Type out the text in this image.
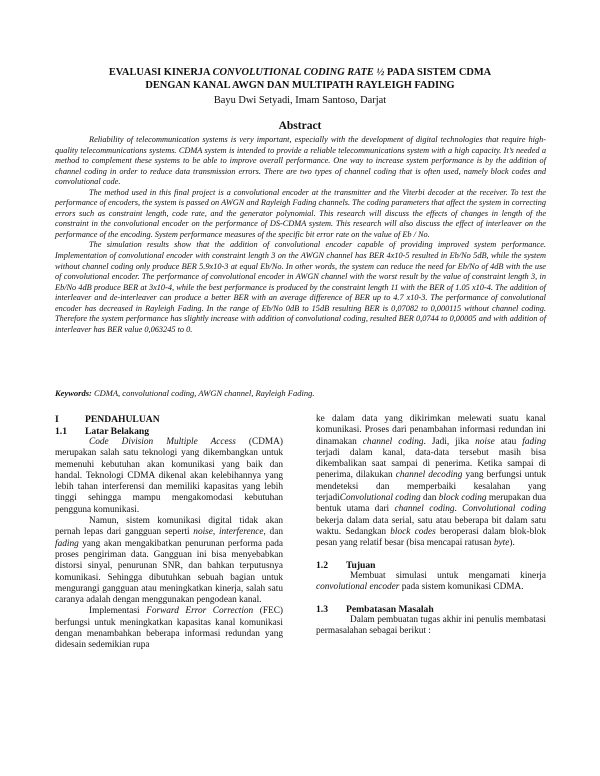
EVALUASI KINERJA CONVOLUTIONAL CODING RATE ½ PADA SISTEM CDMA
DENGAN KANAL AWGN DAN MULTIPATH RAYLEIGH FADING
Bayu Dwi Setyadi, Imam Santoso, Darjat
Abstract

Reliability of telecommunication systems is very important, especially with the development of digital technologies that require high-quality telecommunications systems. CDMA system is intended to provide a reliable telecommunications system with a high capacity. It’s needed a method to complement these systems to be able to improve overall performance. One way to increase system performance is by the addition of channel coding in order to reduce data transmission errors. There are two types of channel coding that is often used, namely block codes and convolutional code.

The method used in this final project is a convolutional encoder at the transmitter and the Viterbi decoder at the receiver. To test the performance of encoders, the system is passed on AWGN and Rayleigh Fading channels. The coding parameters that affect the system in correcting errors such as constraint length, code rate, and the generator polynomial. This research will discuss the effects of changes in length of the constraint in the convolutional encoder on the performance of DS-CDMA system. This research will also discuss the effect of interleaver on the performance of the encoding. System performance measures of the specific bit error rate on the value of Eb / No.

The simulation results show that the addition of convolutional encoder capable of providing improved system performance. Implementation of convolutional encoder with constraint length 3 on the AWGN channel has BER 4x10-5 resulted in Eb/No 5dB, while the system without channel coding only produce BER 5.9x10-3 at equal Eb/No. In other words, the system can reduce the need for Eb/No of 4dB with the use of convolutional encoder. The performance of convolutional encoder in AWGN channel with the worst result by the value of constraint length 3, in Eb/No 4dB produce BER at 3x10-4, while the best performance is produced by the constraint length 11 with the BER of 1.05 x10-4. The addition of interleaver and de-interleaver can produce a better BER with an average difference of BER up to 4.7 x10-3. The performance of convolutional encoder has decreased in Rayleigh Fading. In the range of Eb/No 0dB to 15dB resulting BER is 0,07082 to 0,000115 without channel coding. Therefore the system performance has slightly increase with addition of convolutional coding, resulted BER 0,0744 to 0,00005 and with addition of interleaver has BER value 0,063245 to 0.

Keywords: CDMA, convolutional coding, AWGN channel, Rayleigh Fading.
I	PENDAHULUAN
1.1	Latar Belakang

Code Division Multiple Access (CDMA) merupakan salah satu teknologi yang dikembangkan untuk memenuhi kebutuhan akan komunikasi yang baik dan handal. Teknologi CDMA dikenal akan kelebihannya yang lebih tahan interferensi dan memiliki kapasitas yang lebih tinggi sehingga mampu mengakomodasi kebutuhan pengguna komunikasi.

Namun, sistem komunikasi digital tidak akan pernah lepas dari gangguan seperti noise, interference, dan fading yang akan mengakibatkan penurunan performa pada proses pengiriman data. Gangguan ini bisa menyebabkan distorsi sinyal, penurunan SNR, dan bahkan terputusnya komunikasi. Sehingga dibutuhkan sebuah bagian untuk mengurangi gangguan atau meningkatkan kinerja, salah satu caranya adalah dengan menggunakan pengodean kanal.

Implementasi Forward Error Correction (FEC) berfungsi untuk meningkatkan kapasitas kanal komunikasi dengan menambahkan beberapa informasi redundan yang didesain sedemikian rupa

ke dalam data yang dikirimkan melewati suatu kanal komunikasi. Proses dari penambahan informasi redundan ini dinamakan channel coding. Jadi, jika noise atau fading terjadi dalam kanal, data-data tersebut masih bisa dikembalikan saat sampai di penerima. Ketika sampai di penerima, dilakukan channel decoding yang berfungsi untuk mendeteksi dan memperbaiki kesalahan yang terjadiConvolutional coding dan block coding merupakan dua bentuk utama dari channel coding. Convolutional coding bekerja dalam data serial, satu atau beberapa bit dalam satu waktu. Sedangkan block codes beroperasi dalam blok-blok pesan yang relatif besar (bisa mencapai ratusan byte).

1.2	Tujuan

Membuat simulasi untuk mengamati kinerja convolutional encoder pada sistem komunikasi CDMA.

1.3	Pembatasan Masalah

Dalam pembuatan tugas akhir ini penulis membatasi permasalahan sebagai berikut :
